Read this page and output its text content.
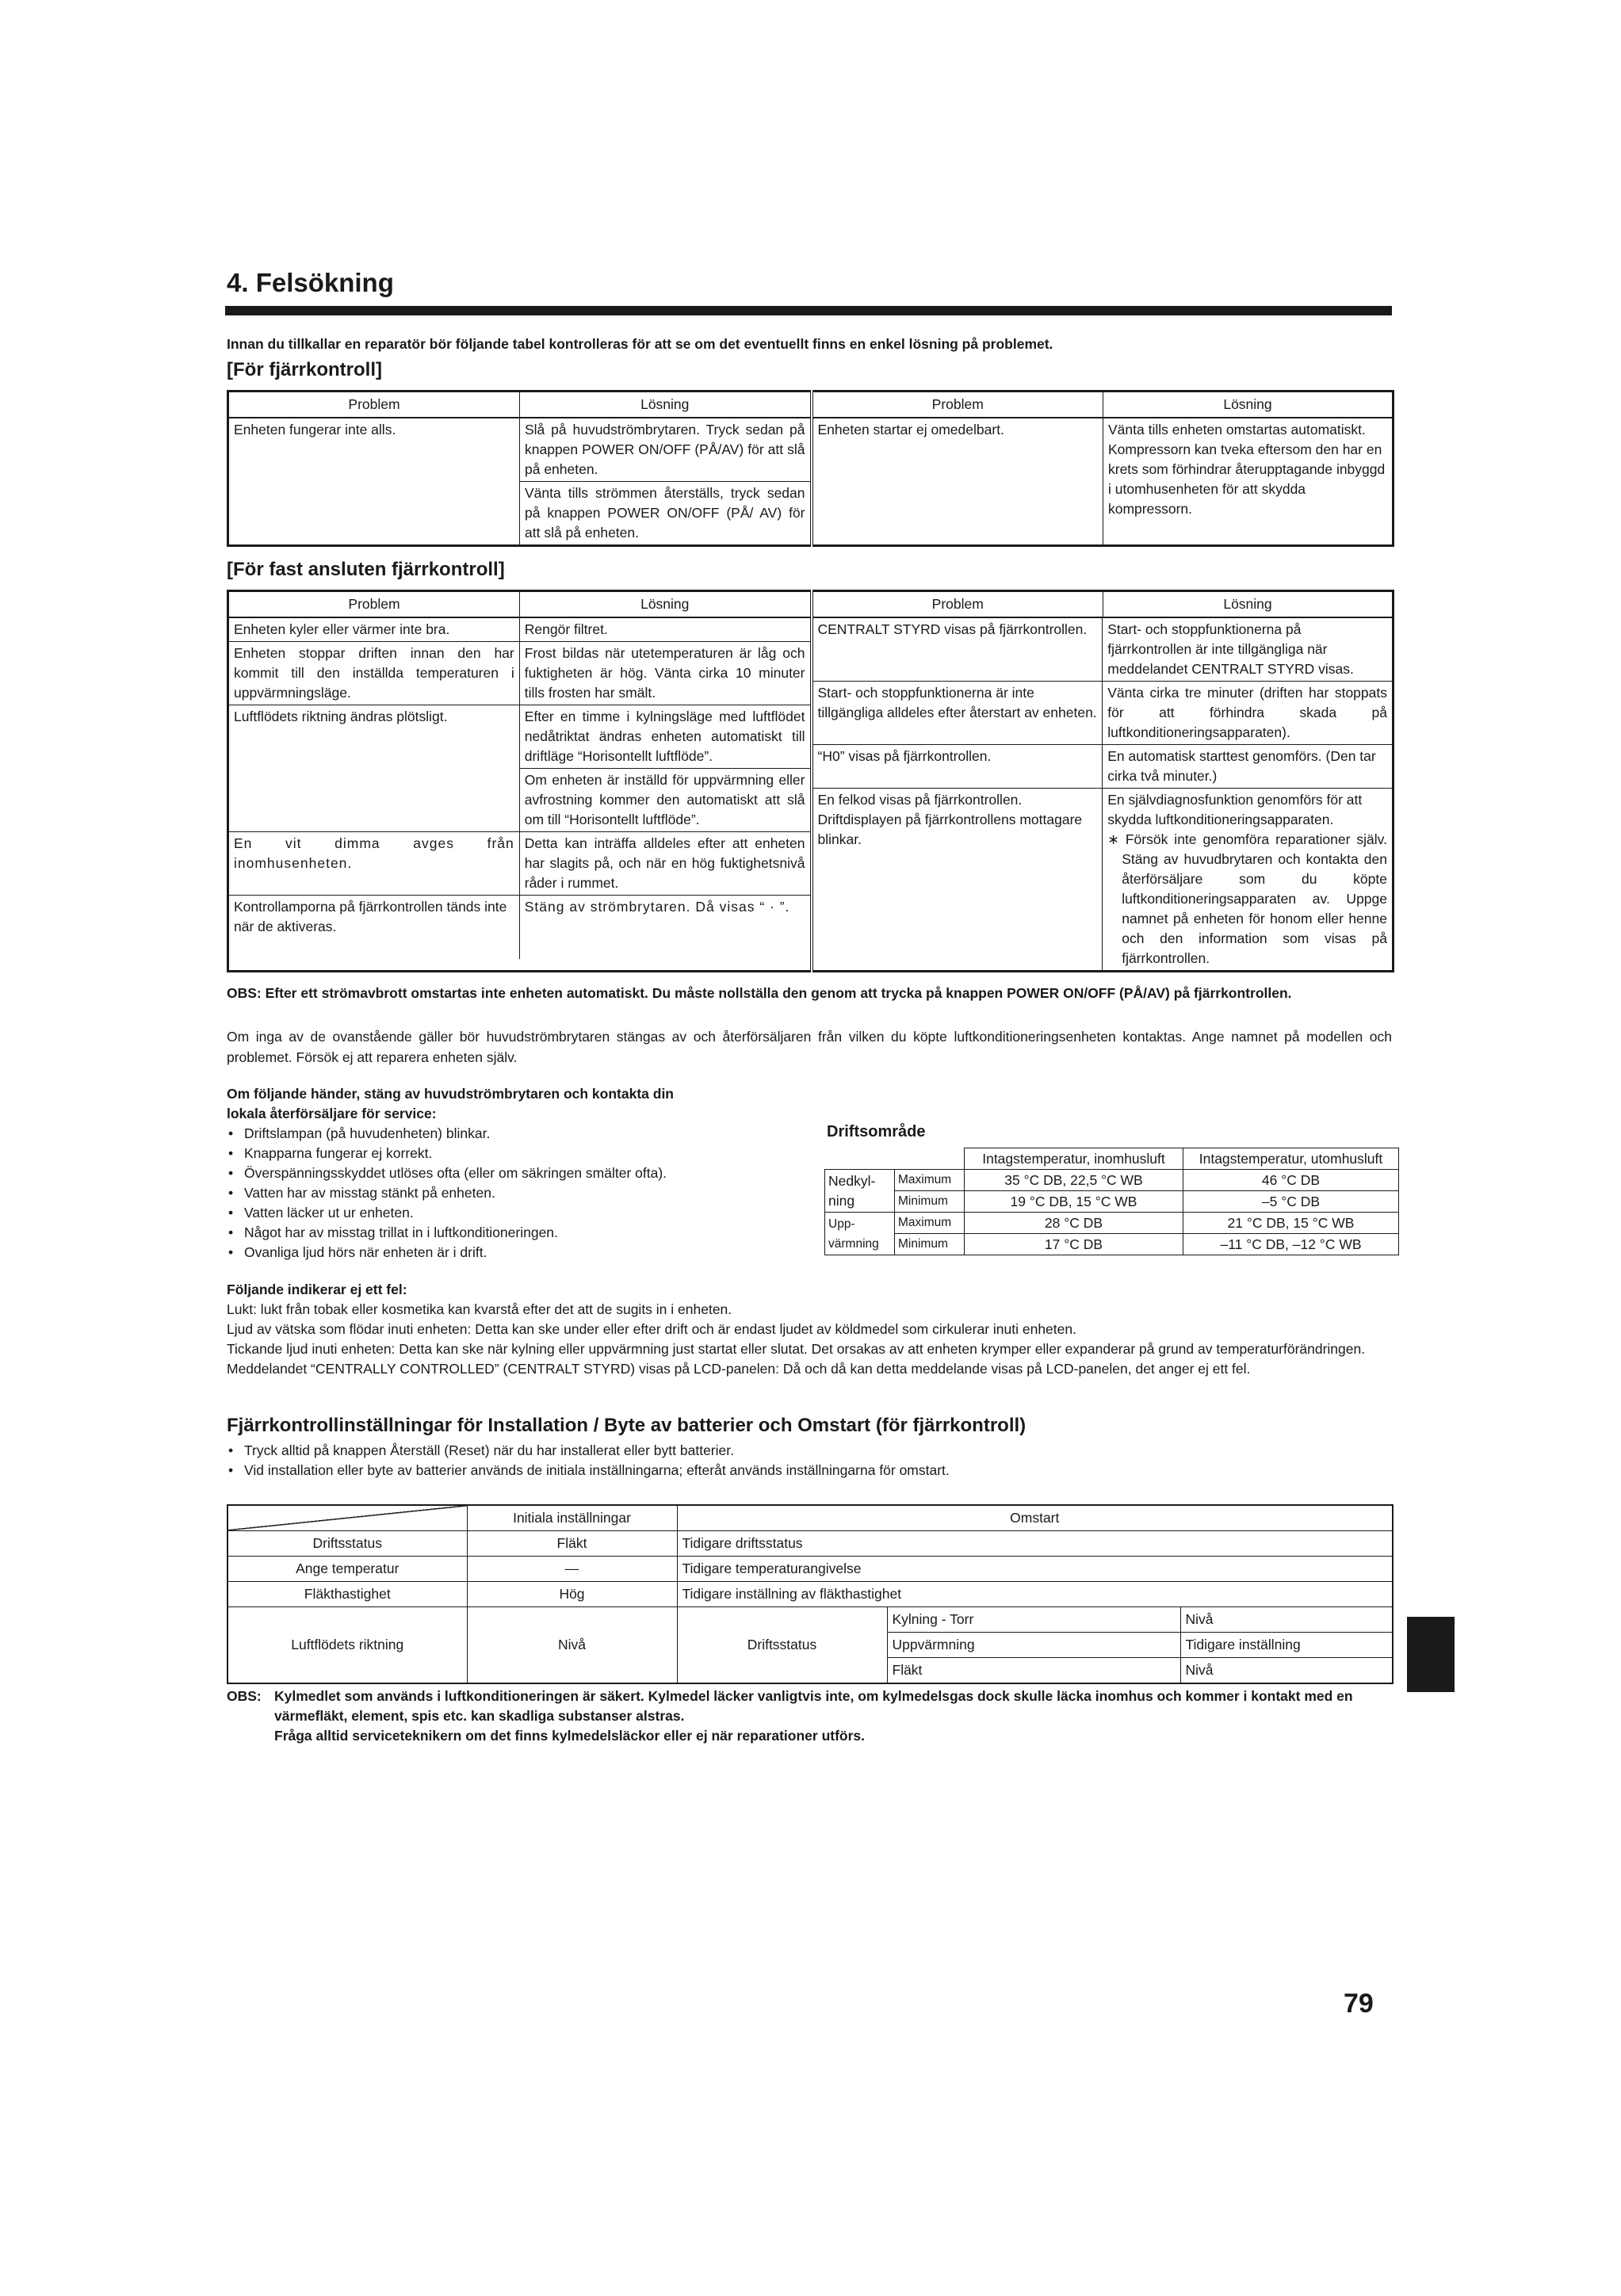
4. Felsökning

Innan du tillkallar en reparatör bör följande tabel kontrolleras för att se om det eventuellt finns en enkel lösning på problemet.

[För fjärrkontroll]
Problem	Lösning	Problem	Lösning
Enheten fungerar inte alls.	Slå på huvudströmbrytaren. Tryck sedan på knappen POWER ON/OFF (PÅ/AV) för att slå på enheten.	Enheten startar ej omedelbart.	Vänta tills enheten omstartas automatiskt. Kompressorn kan tveka eftersom den har en krets som förhindrar återupptagande inbyggd i utomhusenheten för att skydda kompressorn.
	Vänta tills strömmen återställs, tryck sedan på knappen POWER ON/OFF (PÅ/ AV) för att slå på enheten.		
[För fast ansluten fjärrkontroll]
Problem	Lösning	Problem	Lösning

Enheten kyler eller värmer inte bra.	Rengör filtret.
Enheten stoppar driften innan den har kommit till den inställda temperaturen i uppvärmningsläge.	Frost bildas när utetemperaturen är låg och fuktigheten är hög. Vänta cirka 10 minuter tills frosten har smält.
Luftflödets riktning ändras plötsligt.	Efter en timme i kylningsläge med luftflödet nedåtriktat ändras enheten automatiskt till driftläge “Horisontellt luftflöde”.
Om enheten är inställd för uppvärmning eller avfrostning kommer den automatiskt att slå om till “Horisontellt luftflöde”.
En vit dimma avges från inomhusenheten.	Detta kan inträffa alldeles efter att enheten har slagits på, och när en hög fuktighetsnivå råder i rummet.
Kontrollamporna på fjärrkontrollen tänds inte när de aktiveras.	Stäng av strömbrytaren. Då visas “ · ”.

CENTRALT STYRD visas på fjärrkontrollen.	Start- och stoppfunktionerna på fjärrkontrollen är inte tillgängliga när meddelandet CENTRALT STYRD visas.
Start- och stoppfunktionerna är inte tillgängliga alldeles efter återstart av enheten.	Vänta cirka tre minuter (driften har stoppats för att förhindra skada på luftkonditioneringsapparaten).
“H0” visas på fjärrkontrollen.	En automatisk starttest genomförs. (Den tar cirka två minuter.)
En felkod visas på fjärrkontrollen. Driftdisplayen på fjärrkontrollens mottagare blinkar.	
En självdiagnosfunktion genomförs för att skydda luftkonditioneringsapparaten.
∗ Försök inte genomföra reparationer själv. Stäng av huvudbrytaren och kontakta den återförsäljare som du köpte luftkonditioneringsapparaten av. Uppge namnet på enheten för honom eller henne och den information som visas på fjärrkontrollen.

OBS: Efter ett strömavbrott omstartas inte enheten automatiskt. Du måste nollställa den genom att trycka på knappen POWER ON/OFF (PÅ/AV) på fjärrkontrollen.

Om inga av de ovanstående gäller bör huvudströmbrytaren stängas av och återförsäljaren från vilken du köpte luftkonditioneringsenheten kontaktas. Ange namnet på modellen och problemet. Försök ej att reparera enheten själv.

Om följande händer, stäng av huvudströmbrytaren och kontakta din
lokala återförsäljare för service:

• Driftslampan (på huvudenheten) blinkar.
• Knapparna fungerar ej korrekt.
• Överspänningsskyddet utlöses ofta (eller om säkringen smälter ofta).
• Vatten har av misstag stänkt på enheten.
• Vatten läcker ut ur enheten.
• Något har av misstag trillat in i luftkonditioneringen.
• Ovanliga ljud hörs när enheten är i drift.
Driftsområde
		Intagstemperatur, inomhusluft	Intagstemperatur, utomhusluft
Nedkyl-
ning	Maximum	35 °C DB, 22,5 °C WB	46 °C DB
	Minimum	19 °C DB, 15 °C WB	–5 °C DB
Upp-
värmning	Maximum	28 °C DB	21 °C DB, 15 °C WB
	Minimum	17 °C DB	–11 °C DB, –12 °C WB

Följande indikerar ej ett fel:

Lukt: lukt från tobak eller kosmetika kan kvarstå efter det att de sugits in i enheten.

Ljud av vätska som flödar inuti enheten: Detta kan ske under eller efter drift och är endast ljudet av köldmedel som cirkulerar inuti enheten.

Tickande ljud inuti enheten: Detta kan ske när kylning eller uppvärmning just startat eller slutat. Det orsakas av att enheten krymper eller expanderar på grund av temperaturförändringen.

Meddelandet “CENTRALLY CONTROLLED” (CENTRALT STYRD) visas på LCD-panelen: Då och då kan detta meddelande visas på LCD-panelen, det anger ej ett fel.

Fjärrkontrollinställningar för Installation / Byte av batterier och Omstart (för fjärrkontroll)
• Tryck alltid på knappen Återställ (Reset) när du har installerat eller bytt batterier.
• Vid installation eller byte av batterier används de initiala inställningarna; efteråt används inställningarna för omstart.
	Initiala inställningar	Omstart		
Driftsstatus	Fläkt	Tidigare driftsstatus		
Ange temperatur	—	Tidigare temperaturangivelse		
Fläkthastighet	Hög	Tidigare inställning av fläkthastighet		
Luftflödets riktning	Nivå	Driftsstatus	Kylning - Torr	Nivå
			Uppvärmning	Tidigare inställning
			Fläkt	Nivå
OBS: Kylmedlet som används i luftkonditioneringen är säkert. Kylmedel läcker vanligtvis inte, om kylmedelsgas dock skulle läcka inomhus och kommer i kontakt med en värmefläkt, element, spis etc. kan skadliga substanser alstras.
Fråga alltid serviceteknikern om det finns kylmedelsläckor eller ej när reparationer utförs.

79
